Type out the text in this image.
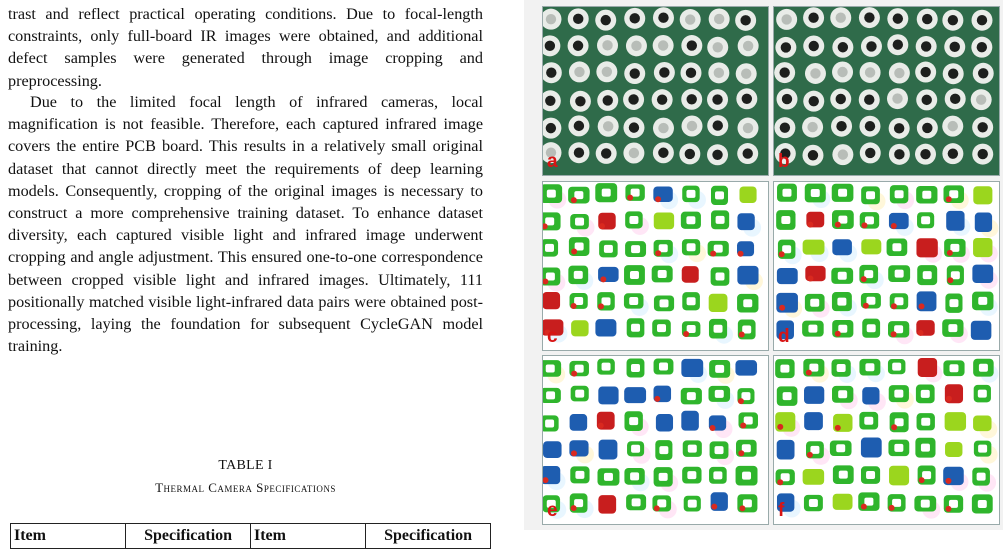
trast and reflect practical operating conditions. Due to focal-length constraints, only full-board IR images were obtained, and additional defect samples were generated through image cropping and preprocessing.

Due to the limited focal length of infrared cameras, local magnification is not feasible. Therefore, each captured infrared image covers the entire PCB board. This results in a relatively small original dataset that cannot directly meet the requirements of deep learning models. Consequently, cropping of the original images is necessary to construct a more comprehensive training dataset. To enhance dataset diversity, each captured visible light and infrared image underwent cropping and angle adjustment. This ensured one-to-one correspondence between cropped visible light and infrared images. Ultimately, 111 positionally matched visible light-infrared data pairs were obtained post-processing, laying the foundation for subsequent CycleGAN model training.

TABLE I
Thermal Camera Specifications
Item	Specification	Item	Specification
a	b
c	d
e	f
